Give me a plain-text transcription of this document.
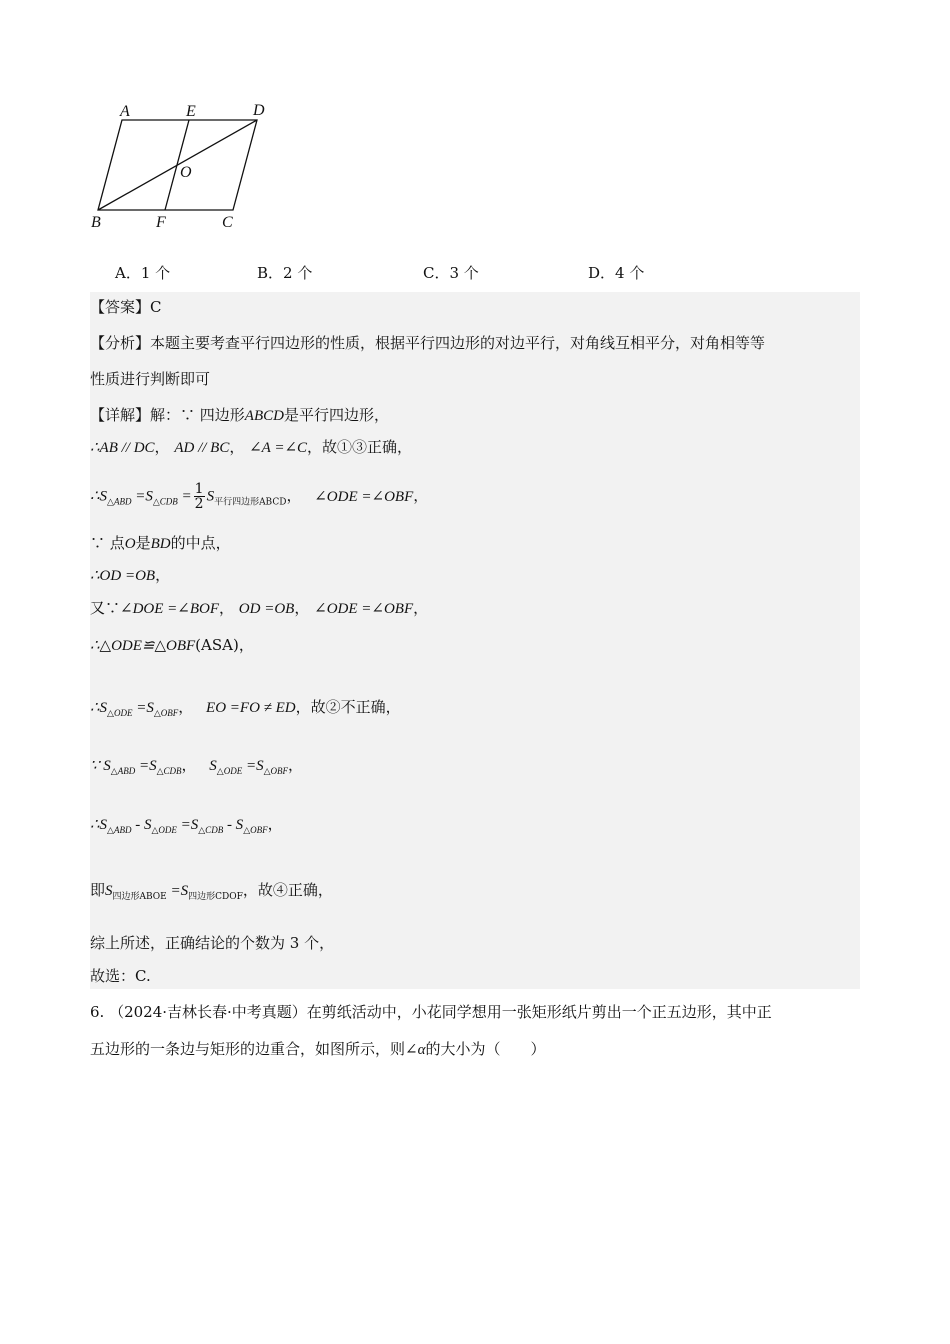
A	E	D
O
B	F	C
A．1 个	B．2 个	C．3 个	D．4 个
【答案】C
【分析】本题主要考查平行四边形的性质，根据平行四边形的对边平行，对角线互相平分，对角相等等
性质进行判断即可
【详解】解：∵ 四边形ABCD是平行四边形，
∴AB // DC， AD // BC， ∠A =∠C，故①③正确，
$\therefore S_{\triangle ABD} =S_{\triangle CDB} = \frac{1}{2} S_{平行四边形ABCD}$， ∠ODE =∠OBF，
∵ 点O是BD的中点，
∴OD =OB，
又∵∠DOE =∠BOF， OD =OB， ∠ODE =∠OBF，
∴△ODE≌△OBF(ASA)，
$\therefore S_{\triangle ODE} =S_{\triangle OBF}$， EO =FO ≠ ED，故②不正确，
∵ $S_{\triangle ABD} =S_{\triangle CDB}$， $S_{\triangle ODE} =S_{\triangle OBF}$，
$\therefore S_{\triangle ABD} - S_{\triangle ODE} =S_{\triangle CDB} - S_{\triangle OBF}$，
即$S_{四边形ABOE} =S_{四边形CDOF}$，故④正确，
综上所述，正确结论的个数为 3 个，
故选：C.
6. （2024·吉林长春·中考真题）在剪纸活动中，小花同学想用一张矩形纸片剪出一个正五边形，其中正
五边形的一条边与矩形的边重合，如图所示，则∠α的大小为（　　）
